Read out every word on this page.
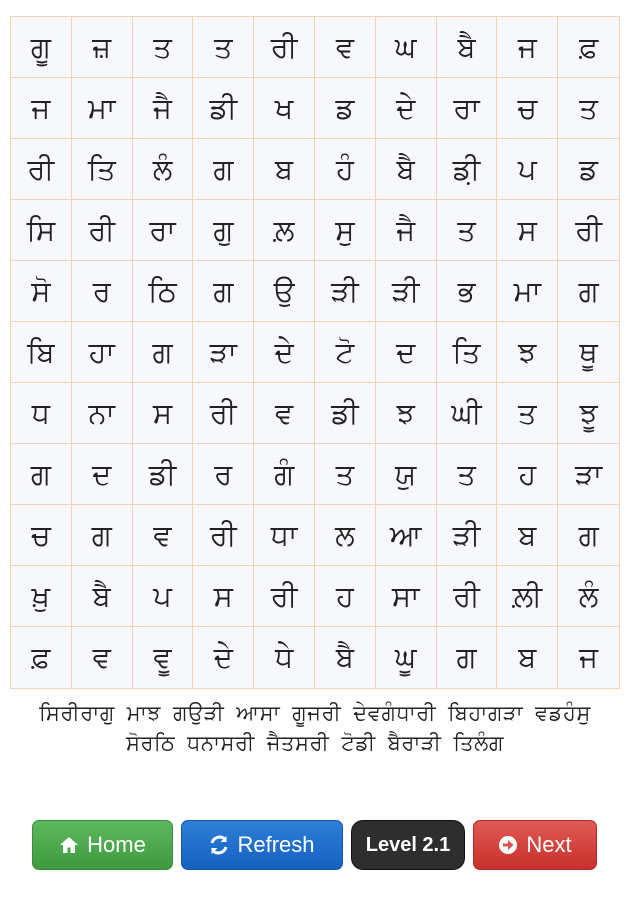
ਗੂ	ਜ਼	ਤ	ਤ	ਰੀ	ਵ	ਘ	ਬੈ	ਜ	ਫ਼
ਜ	ਮਾ	ਜੈ	ਡੀ	ਖ	ਡ	ਦੇ	ਰਾ	ਚ	ਤ
ਰੀ	ਤਿ	ਲੰ	ਗ	ਬ	ਹੰ	ਬੈ	ਡ਼ੀ	ਪ	ਡ
ਸਿ	ਰੀ	ਰਾ	ਗੁ	ਲ਼	ਸੁ	ਜੈ	ਤ	ਸ	ਰੀ
ਸੋ	ਰ	ਠਿ	ਗ	ਉ	ੜੀ	ੜੀ	ਭ	ਮਾ	ਗ
ਬਿ	ਹਾ	ਗ	ੜਾ	ਦੇ	ਟੋ	ਦ	ਤਿ	ਝ	ਥੂ
ਧ	ਨਾ	ਸ	ਰੀ	ਵ	ਡੀ	ਝ	ਘੀ	ਤ	ਝੂ
ਗ	ਦ	ਡੀ	ਰ	ਗੰ	ਤ	ਯੁ	ਤ	ਹ	ੜਾ
ਚ	ਗ	ਵ	ਰੀ	ਧਾ	ਲ	ਆ	ੜੀ	ਬ	ਗ
ਖ਼ੁ	ਬੈ	ਪ	ਸ	ਰੀ	ਹ	ਸਾ	ਰੀ	ਲ਼ੀ	ਲੰ
ਫ਼	ਵ	ਵੂ	ਦੇ	ਧੇ	ਬੈ	ਘੂ	ਗ	ਬ	ਜ
ਸਿਰੀਰਾਗੁ ਮਾਝ ਗਉੜੀ ਆਸਾ ਗੂਜਰੀ ਦੇਵਗੰਧਾਰੀ ਬਿਹਾਗੜਾ ਵਡਹੰਸੁਸੋਰਠਿ ਧਨਾਸਰੀ ਜੈਤਸਰੀ ਟੋਡੀ ਬੈਰਾੜੀ ਤਿਲੰਗ
Home	Refresh	Level 2.1	Next
